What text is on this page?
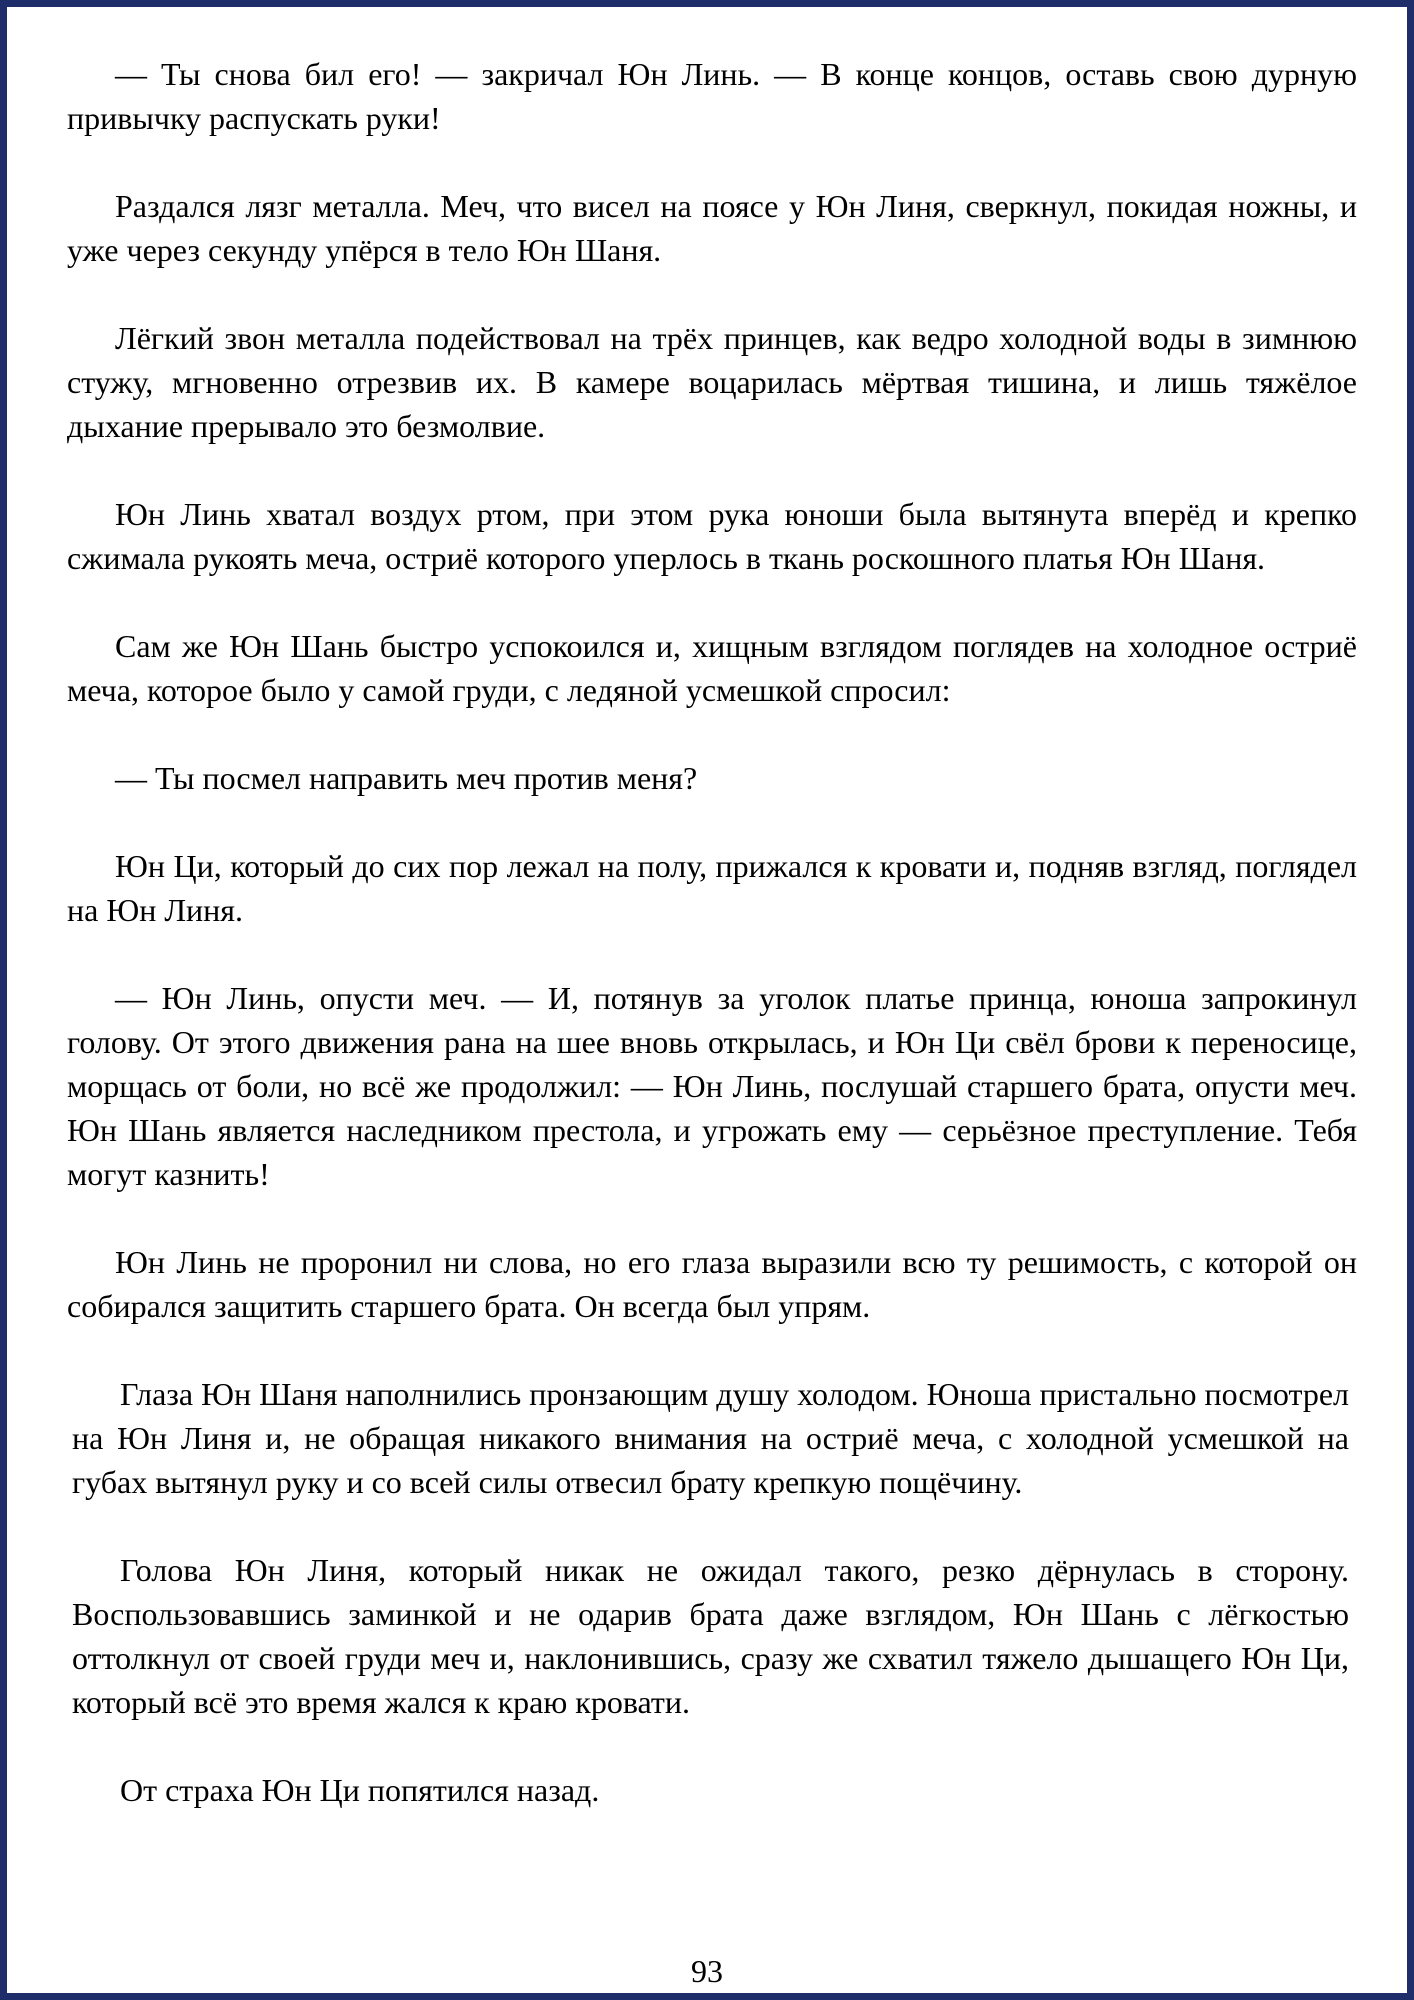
— Ты снова бил его! — закричал Юн Линь. — В конце концов, оставь свою дурную привычку распускать руки!

Раздался лязг металла. Меч, что висел на поясе у Юн Линя, сверкнул, покидая ножны, и уже через секунду упёрся в тело Юн Шаня.

Лёгкий звон металла подействовал на трёх принцев, как ведро холодной воды в зимнюю стужу, мгновенно отрезвив их. В камере воцарилась мёртвая тишина, и лишь тяжёлое дыхание прерывало это безмолвие.

Юн Линь хватал воздух ртом, при этом рука юноши была вытянута вперёд и крепко сжимала рукоять меча, остриё которого уперлось в ткань роскошного платья Юн Шаня.

Сам же Юн Шань быстро успокоился и, хищным взглядом поглядев на холодное остриё меча, которое было у самой груди, с ледяной усмешкой спросил:

— Ты посмел направить меч против меня?

Юн Ци, который до сих пор лежал на полу, прижался к кровати и, подняв взгляд, поглядел на Юн Линя.

— Юн Линь, опусти меч. — И, потянув за уголок платье принца, юноша запрокинул голову. От этого движения рана на шее вновь открылась, и Юн Ци свёл брови к переносице, морщась от боли, но всё же продолжил: — Юн Линь, послушай старшего брата, опусти меч. Юн Шань является наследником престола, и угрожать ему — серьёзное преступление. Тебя могут казнить!

Юн Линь не проронил ни слова, но его глаза выразили всю ту решимость, с которой он собирался защитить старшего брата. Он всегда был упрям.

Глаза Юн Шаня наполнились пронзающим душу холодом. Юноша пристально посмотрел на Юн Линя и, не обращая никакого внимания на остриё меча, с холодной усмешкой на губах вытянул руку и со всей силы отвесил брату крепкую пощёчину.

Голова Юн Линя, который никак не ожидал такого, резко дёрнулась в сторону. Воспользовавшись заминкой и не одарив брата даже взглядом, Юн Шань с лёгкостью оттолкнул от своей груди меч и, наклонившись, сразу же схватил тяжело дышащего Юн Ци, который всё это время жался к краю кровати.

От страха Юн Ци попятился назад.

93
